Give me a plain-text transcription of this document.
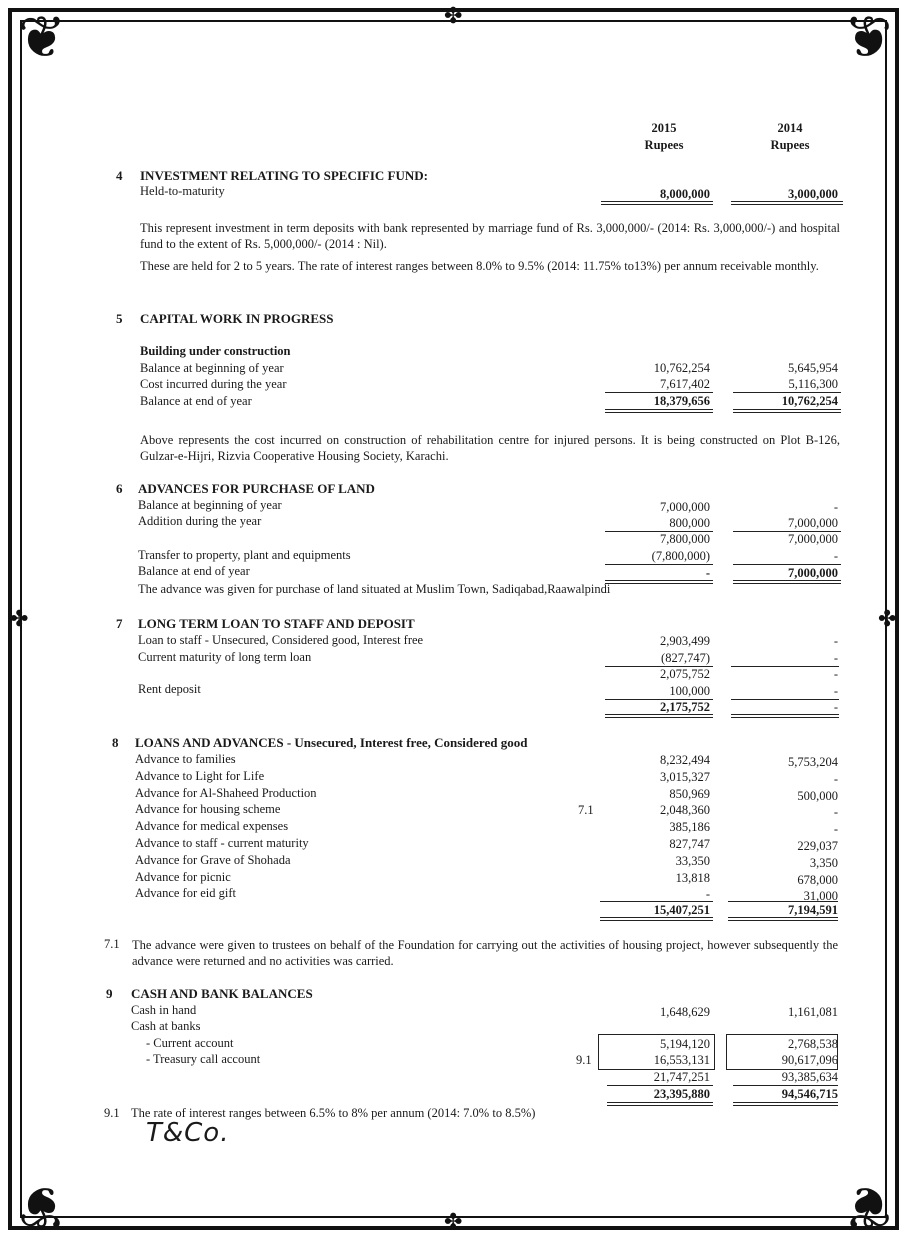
❦	❦
❦	❦
✤
✤
✤	✤
2015
Rupees
2014
Rupees
4 INVESTMENT RELATING TO SPECIFIC FUND:
Held-to-maturity	8,000,000	3,000,000
This represent investment in term deposits with bank represented by marriage fund of Rs. 3,000,000/- (2014: Rs. 3,000,000/-) and hospital fund to the extent of Rs. 5,000,000/- (2014 : Nil).
These are held for 2 to 5 years. The rate of interest ranges between 8.0% to 9.5% (2014: 11.75% to13%) per annum receivable monthly.
5 CAPITAL WORK IN PROGRESS
Building under construction
Balance at beginning of year	10,762,254	5,645,954
Cost incurred during the year	7,617,402	5,116,300
Balance at end of year	18,379,656	10,762,254
Above represents the cost incurred on construction of rehabilitation centre for injured persons. It is being constructed on Plot B-126, Gulzar-e-Hijri, Rizvia Cooperative Housing Society, Karachi.
6 ADVANCES FOR PURCHASE OF LAND
Balance at beginning of year	7,000,000	-
Addition during the year	800,000	7,000,000
7,800,000	7,000,000
Transfer to property, plant and equipments	(7,800,000)	-
Balance at end of year	-	7,000,000
The advance was given for purchase of land situated at Muslim Town, Sadiqabad,Raawalpindi
7 LONG TERM LOAN TO STAFF AND DEPOSIT
Loan to staff - Unsecured, Considered good, Interest free	2,903,499	-
Current maturity of long term loan	(827,747)	-
2,075,752	-
Rent deposit	100,000	-
2,175,752	-
8 LOANS AND ADVANCES - Unsecured, Interest free, Considered good
Advance to families	8,232,494	5,753,204
Advance to Light for Life	3,015,327	-
Advance for Al-Shaheed Production	850,969	500,000
Advance for housing scheme	7.1	2,048,360	-
Advance for medical expenses	385,186	-
Advance to staff - current maturity	827,747	229,037
Advance for Grave of Shohada	33,350	3,350
Advance for picnic	13,818	678,000
Advance for eid gift	-	31,000
15,407,251	7,194,591
7.1 The advance were given to trustees on behalf of the Foundation for carrying out the activities of housing project, however subsequently the advance were returned and no activities was carried.
9 CASH AND BANK BALANCES
Cash in hand	1,648,629	1,161,081
Cash at banks
- Current account	5,194,120	2,768,538
- Treasury call account	9.1	16,553,131	90,617,096
21,747,251	93,385,634
23,395,880	94,546,715
9.1 The rate of interest ranges between 6.5% to 8% per annum (2014: 7.0% to 8.5%)
T&Co.
